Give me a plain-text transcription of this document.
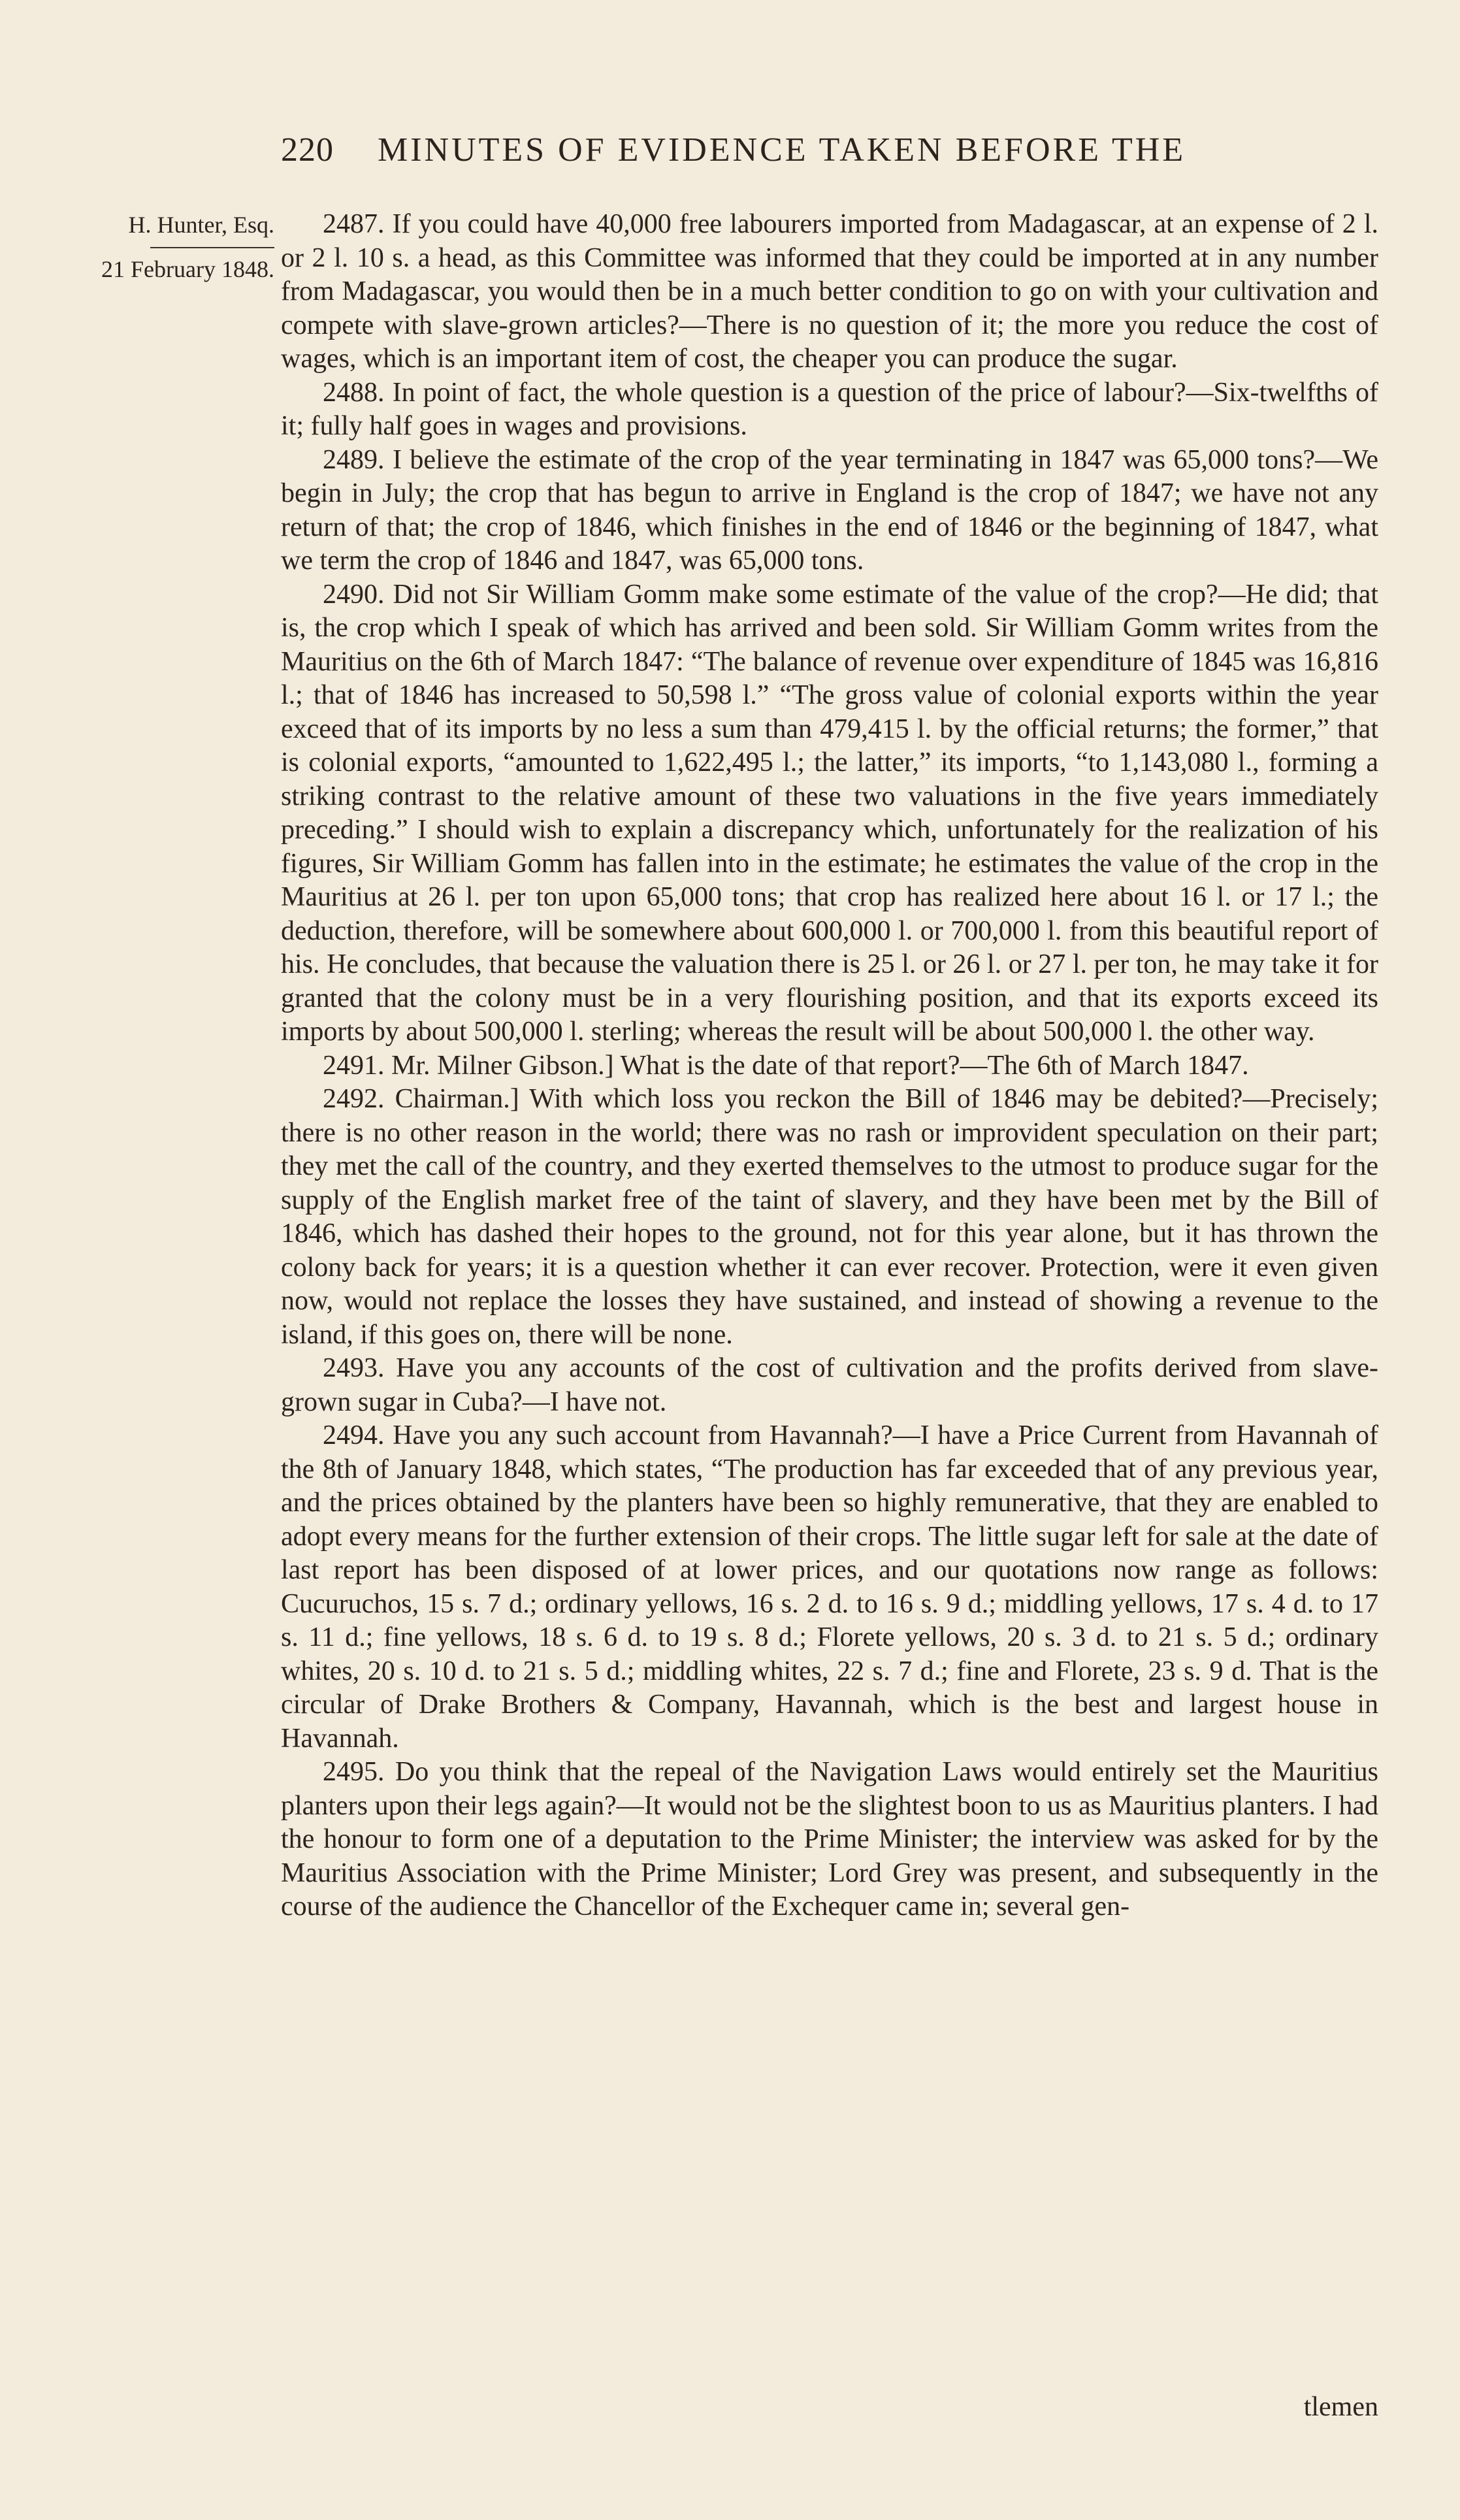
220 MINUTES OF EVIDENCE TAKEN BEFORE THE
H. Hunter, Esq.
21 February 1848.

2487. If you could have 40,000 free labourers imported from Madagascar, at an expense of 2 l. or 2 l. 10 s. a head, as this Committee was informed that they could be imported at in any number from Madagascar, you would then be in a much better condition to go on with your cultivation and compete with slave-grown articles?—There is no question of it; the more you reduce the cost of wages, which is an important item of cost, the cheaper you can produce the sugar.

2488. In point of fact, the whole question is a question of the price of labour?—Six-twelfths of it; fully half goes in wages and provisions.

2489. I believe the estimate of the crop of the year terminating in 1847 was 65,000 tons?—We begin in July; the crop that has begun to arrive in England is the crop of 1847; we have not any return of that; the crop of 1846, which finishes in the end of 1846 or the beginning of 1847, what we term the crop of 1846 and 1847, was 65,000 tons.

2490. Did not Sir William Gomm make some estimate of the value of the crop?—He did; that is, the crop which I speak of which has arrived and been sold. Sir William Gomm writes from the Mauritius on the 6th of March 1847: “The balance of revenue over expenditure of 1845 was 16,816 l.; that of 1846 has increased to 50,598 l.” “The gross value of colonial exports within the year exceed that of its imports by no less a sum than 479,415 l. by the official returns; the former,” that is colonial exports, “amounted to 1,622,495 l.; the latter,” its imports, “to 1,143,080 l., forming a striking contrast to the relative amount of these two valuations in the five years immediately preceding.” I should wish to explain a discrepancy which, unfortunately for the realization of his figures, Sir William Gomm has fallen into in the estimate; he estimates the value of the crop in the Mauritius at 26 l. per ton upon 65,000 tons; that crop has realized here about 16 l. or 17 l.; the deduction, therefore, will be somewhere about 600,000 l. or 700,000 l. from this beautiful report of his. He concludes, that because the valuation there is 25 l. or 26 l. or 27 l. per ton, he may take it for granted that the colony must be in a very flourishing position, and that its exports exceed its imports by about 500,000 l. sterling; whereas the result will be about 500,000 l. the other way.

2491. Mr. Milner Gibson.] What is the date of that report?—The 6th of March 1847.

2492. Chairman.] With which loss you reckon the Bill of 1846 may be debited?—Precisely; there is no other reason in the world; there was no rash or improvident speculation on their part; they met the call of the country, and they exerted themselves to the utmost to produce sugar for the supply of the English market free of the taint of slavery, and they have been met by the Bill of 1846, which has dashed their hopes to the ground, not for this year alone, but it has thrown the colony back for years; it is a question whether it can ever recover. Protection, were it even given now, would not replace the losses they have sustained, and instead of showing a revenue to the island, if this goes on, there will be none.

2493. Have you any accounts of the cost of cultivation and the profits derived from slave-grown sugar in Cuba?—I have not.

2494. Have you any such account from Havannah?—I have a Price Current from Havannah of the 8th of January 1848, which states, “The production has far exceeded that of any previous year, and the prices obtained by the planters have been so highly remunerative, that they are enabled to adopt every means for the further extension of their crops. The little sugar left for sale at the date of last report has been disposed of at lower prices, and our quotations now range as follows: Cucuruchos, 15 s. 7 d.; ordinary yellows, 16 s. 2 d. to 16 s. 9 d.; middling yellows, 17 s. 4 d. to 17 s. 11 d.; fine yellows, 18 s. 6 d. to 19 s. 8 d.; Florete yellows, 20 s. 3 d. to 21 s. 5 d.; ordinary whites, 20 s. 10 d. to 21 s. 5 d.; middling whites, 22 s. 7 d.; fine and Florete, 23 s. 9 d. That is the circular of Drake Brothers & Company, Havannah, which is the best and largest house in Havannah.

2495. Do you think that the repeal of the Navigation Laws would entirely set the Mauritius planters upon their legs again?—It would not be the slightest boon to us as Mauritius planters. I had the honour to form one of a deputation to the Prime Minister; the interview was asked for by the Mauritius Association with the Prime Minister; Lord Grey was present, and subsequently in the course of the audience the Chancellor of the Exchequer came in; several gen-

tlemen
